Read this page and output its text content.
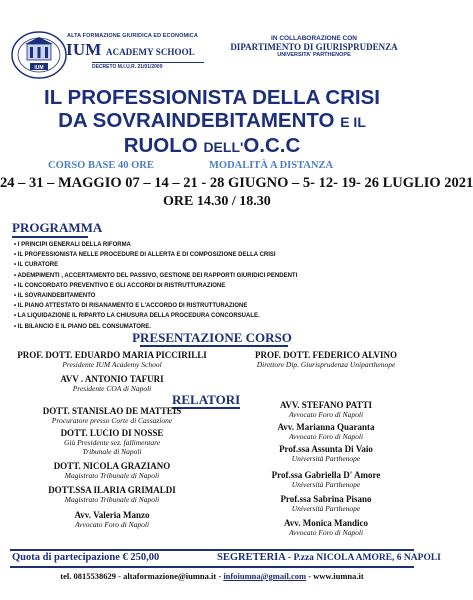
IUM
ALTA FORMAZIONE GIURIDICA ED ECONOMICA
IUM ACADEMY SCHOOL
DECRETO M.I.U.R. 21/01/2009
IN COLLABORAZIONE CON
DIPARTIMENTO DI GIURISPRUDENZA
UNIVERSITA' PARTHENOPE
IL PROFESSIONISTA DELLA CRISI
DA SOVRAINDEBITAMENTO E IL
RUOLO DELL'O.C.C
CORSO BASE 40 ORE	MODALITÀ A DISTANZA
24 – 31 – MAGGIO 07 – 14 – 21 - 28 GIUGNO – 5- 12- 19- 26 LUGLIO 2021
ORE 14.30 / 18.30
PROGRAMMA
• I PRINCIPI GENERALI DELLA RIFORMA
• IL PROFESSIONISTA NELLE PROCEDURE DI ALLERTA E DI COMPOSIZIONE DELLA CRISI
• IL CURATORE
• ADEMPIMENTI , ACCERTAMENTO DEL PASSIVO, GESTIONE DEI RAPPORTI GIURIDICI PENDENTI
• IL CONCORDATO PREVENTIVO E GLI ACCORDI DI RISTRUTTURAZIONE
• IL SOVRAINDEBITAMENTO
• IL PIANO ATTESTATO DI RISANAMENTO E L'ACCORDO DI RISTRUTTURAZIONE
• LA LIQUIDAZIONE IL RIPARTO LA CHIUSURA DELLA PROCEDURA CONCORSUALE.
• IL BILANCIO E IL PIANO DEL CONSUMATORE.
PRESENTAZIONE CORSO
PROF. DOTT. EDUARDO MARIA PICCIRILLI
Presidente IUM Academy School
AVV . ANTONIO TAFURI
Presidente COA di Napoli
PROF. DOTT. FEDERICO ALVINO
Direttore Dip. Giurisprudenza Uniparthenope
RELATORI
DOTT. STANISLAO DE MATTEIS
Procuratore presso Corte di Cassazione
DOTT. LUCIO DI NOSSE
Giù Presidente sez. fallimentare
Tribunale di Napoli
DOTT. NICOLA GRAZIANO
Magistrato Tribunale di Napoli
DOTT.SSA ILARIA GRIMALDI
Magistrato Tribunale di Napoli
Avv. Valeria Manzo
Avvocato Foro di Napoli
AVV. STEFANO PATTI
Avvocato Foro di Napoli
Avv. Marianna Quaranta
Avvocato Foro di Napoli
Prof.ssa Assunta Di Vaio
Università Parthenope
Prof.ssa Gabriella D' Amore
Università Parthenope
Prof.ssa Sabrina Pisano
Università Parthenope
Avv. Monica Mandico
Avvocato Foro di Napoli
Quota di partecipazione € 250,00	SEGRETERIA - P.zza NICOLA AMORE, 6 NAPOLI
tel. 0815538629 - altaformazione@iumna.it - infoiumna@gmail.com - www.iumna.it
